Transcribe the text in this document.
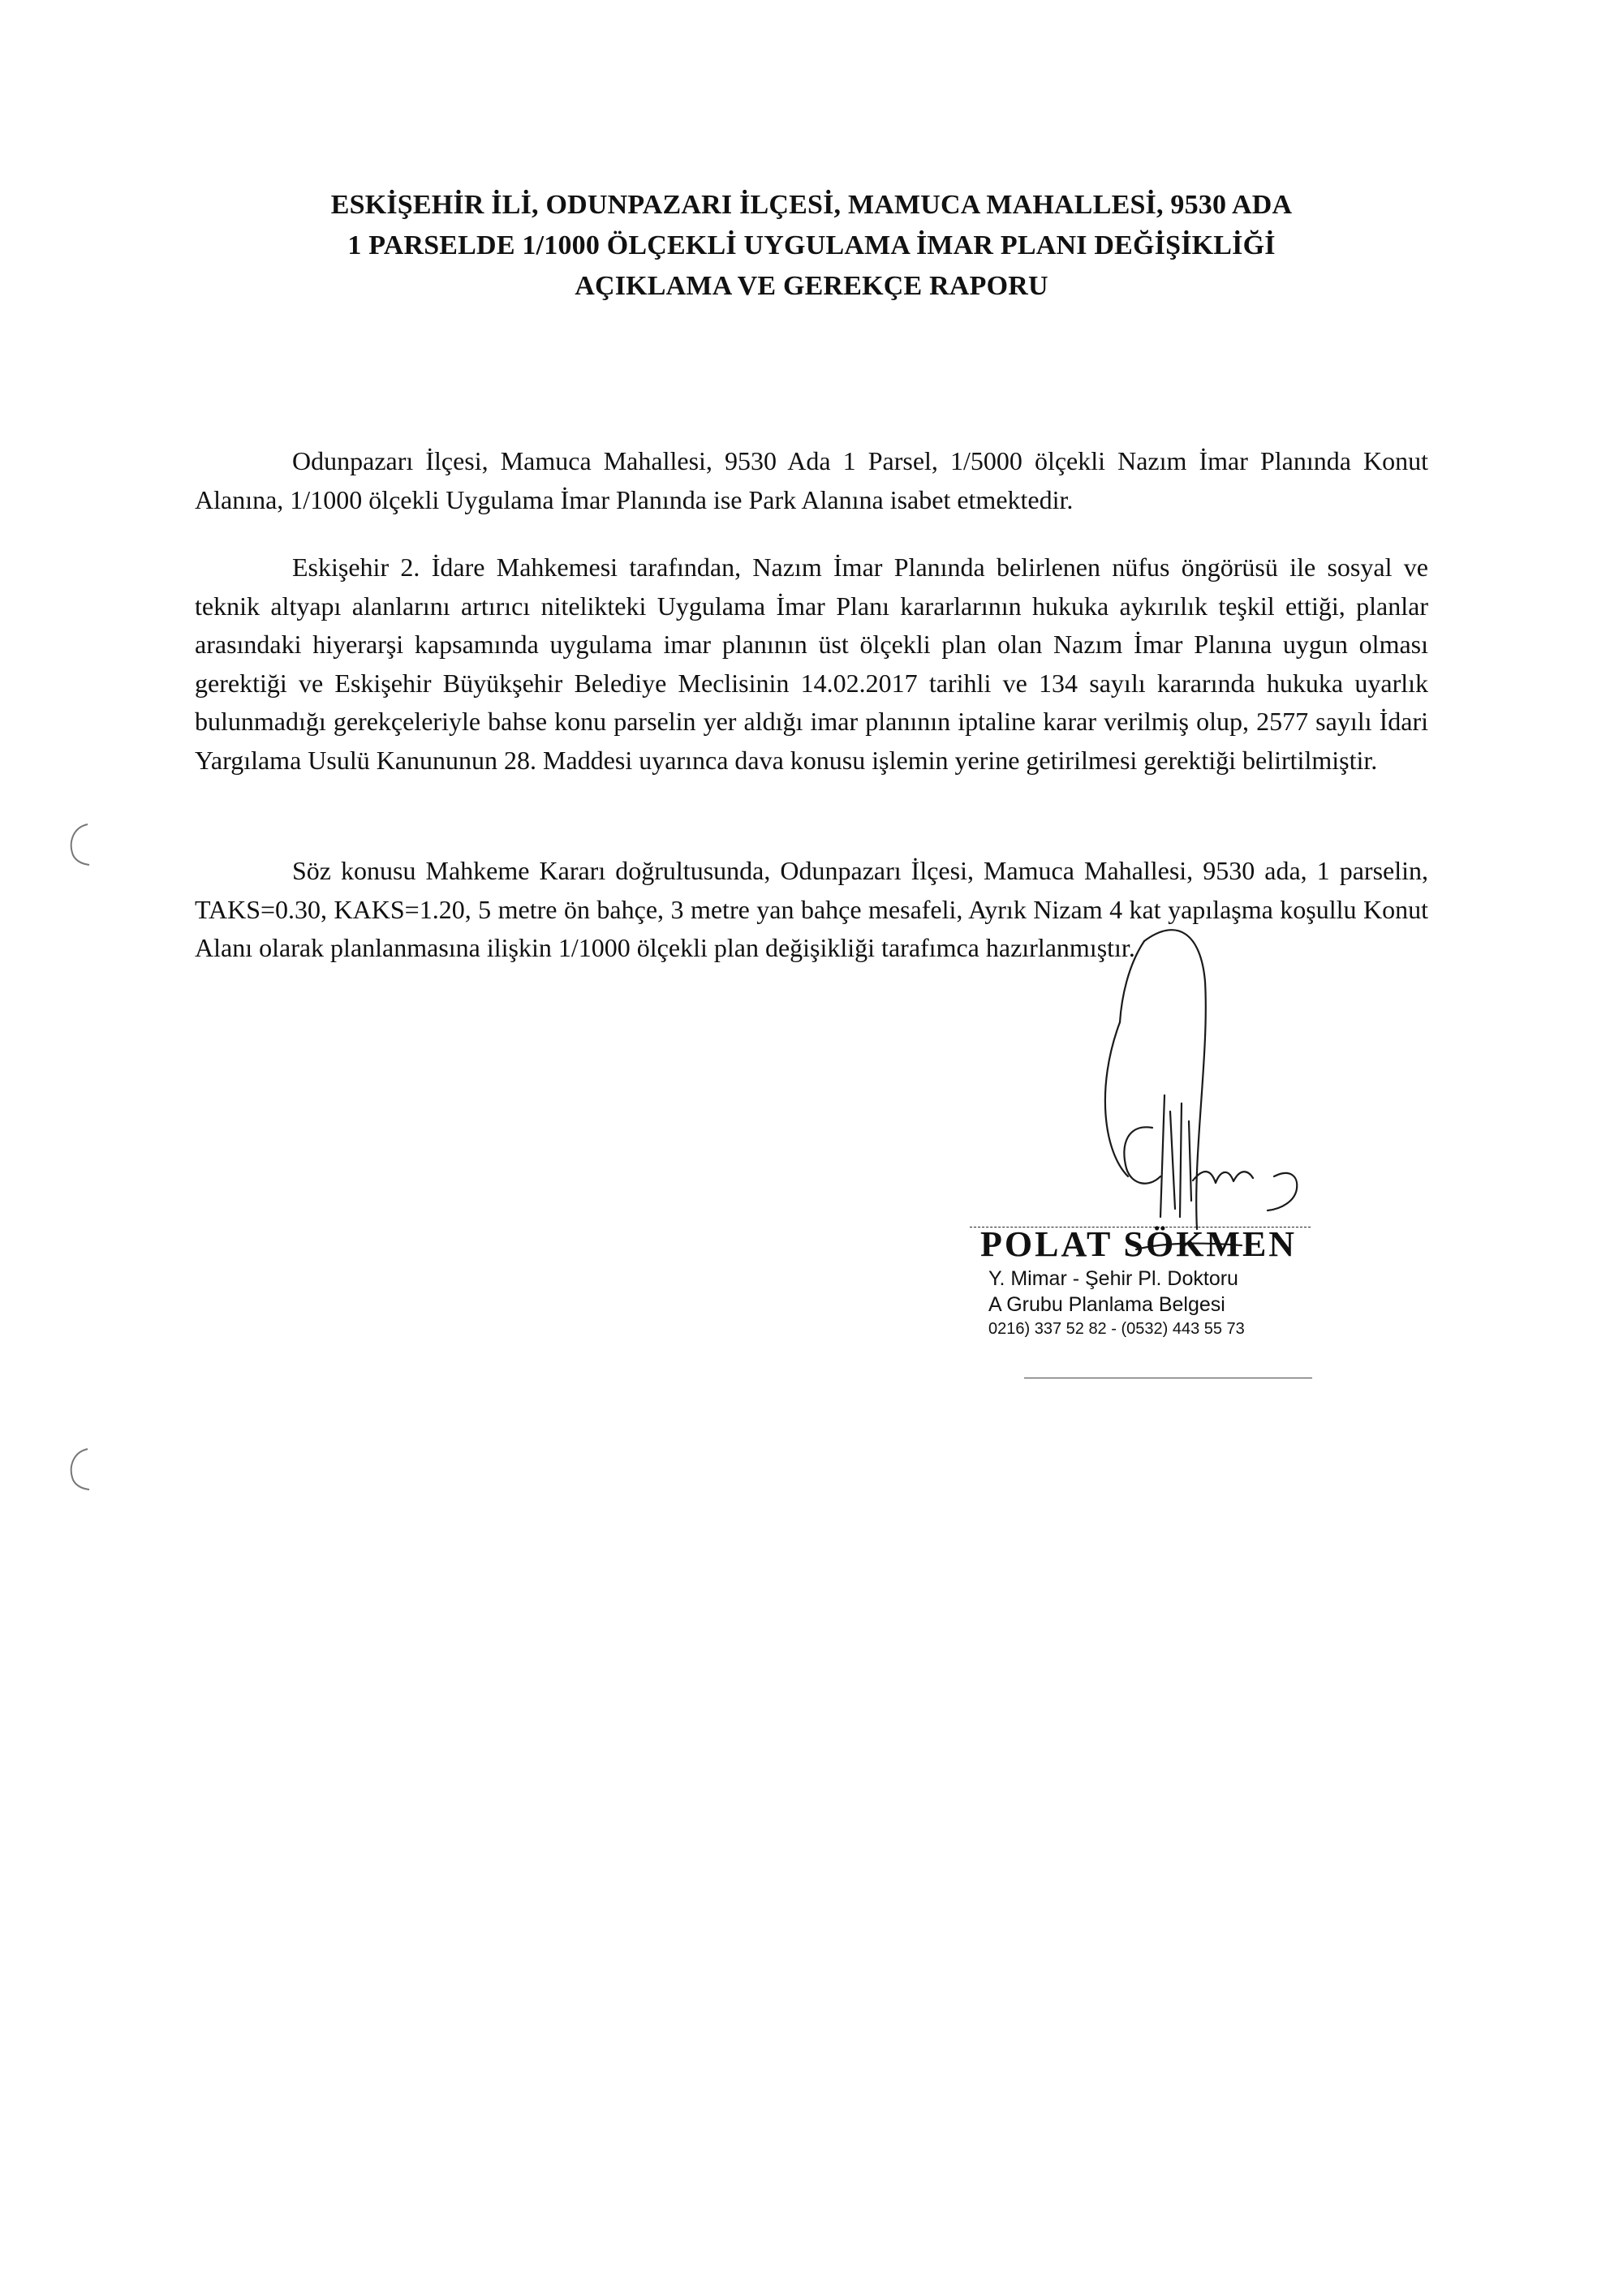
ESKİŞEHİR İLİ, ODUNPAZARI İLÇESİ, MAMUCA MAHALLESİ, 9530 ADA
1 PARSELDE 1/1000 ÖLÇEKLİ UYGULAMA İMAR PLANI DEĞİŞİKLİĞİ
AÇIKLAMA VE GEREKÇE RAPORU

Odunpazarı İlçesi, Mamuca Mahallesi, 9530 Ada 1 Parsel, 1/5000 ölçekli Nazım İmar Planında Konut Alanına, 1/1000 ölçekli Uygulama İmar Planında ise Park Alanına isabet etmektedir.

Eskişehir 2. İdare Mahkemesi tarafından, Nazım İmar Planında belirlenen nüfus öngörüsü ile sosyal ve teknik altyapı alanlarını artırıcı nitelikteki Uygulama İmar Planı kararlarının hukuka aykırılık teşkil ettiği, planlar arasındaki hiyerarşi kapsamında uygulama imar planının üst ölçekli plan olan Nazım İmar Planına uygun olması gerektiği ve Eskişehir Büyükşehir Belediye Meclisinin 14.02.2017 tarihli ve 134 sayılı kararında hukuka uyarlık bulunmadığı gerekçeleriyle bahse konu parselin yer aldığı imar planının iptaline karar verilmiş olup, 2577 sayılı İdari Yargılama Usulü Kanununun 28. Maddesi uyarınca dava konusu işlemin yerine getirilmesi gerektiği belirtilmiştir.

Söz konusu Mahkeme Kararı doğrultusunda, Odunpazarı İlçesi, Mamuca Mahallesi, 9530 ada, 1 parselin, TAKS=0.30, KAKS=1.20, 5 metre ön bahçe, 3 metre yan bahçe mesafeli, Ayrık Nizam 4 kat yapılaşma koşullu Konut Alanı olarak planlanmasına ilişkin 1/1000 ölçekli plan değişikliği tarafımca hazırlanmıştır.

POLAT SÖKMEN
Y. Mimar - Şehir Pl. Doktoru
A Grubu Planlama Belgesi
0216) 337 52 82 - (0532) 443 55 73
